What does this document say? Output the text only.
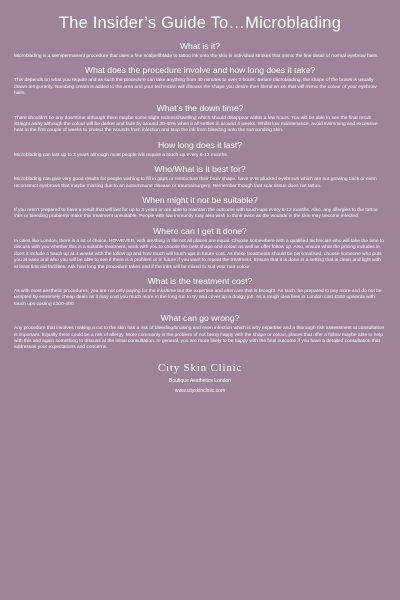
The Insider’s Guide To…Microblading
What is it?

Microblading is a semipermanent procedure that uses a fine scalpel/blade to tattoo ink onto the skin in individual strokes that mimic the fine detail of normal eyebrow hairs.

What does the procedure involve and how long does it take?

This depends on what you require and as such the procedure can take anything from 40 minutes to over 2 hours. Before microblading, the shape of the brows is usually drawn temporarily. Numbing cream is added to the area and your technician will discuss the shape you desire then blend an ink that will mimic the colour of your eyebrow hairs.

What’s the down time?

There shouldn’t be any downtime although there maybe some slight redness/swelling which should disappear within a few hours. You will be able to see the final result straight away although the colour will be darker and fade by around 30-40% when it all settles in around 4 weeks. Whilst low maintenance, avoid swimming and excessive heat in the first couple of weeks to protect the wounds from infection and stop the ink from bleeding onto the surrounding skin.

How long does it last?

Microblading can last up to 3 years although most people will require a touch-up every 6-12 months.

Who/What is it best for?

Microblading can give very good results for people wishing to fill in gaps or restructure their brow shape, have over plucked eyebrows which are not growing back or even reconstruct eyebrows that maybe missing due to an autoimmune disease or trauma/surgery. Remember though that scar tissue does not tattoo.

When might it not be suitable?

If you aren’t prepared to have a result that will last for up to 3 years or are able to maintain the outcome with touch-ups every 6-12 months. Also, any allergies to the tattoo inks or bleeding problems make this treatment unsuitable. People with low immunity may also wish to think twice as the wounds in the skin may become infected.

Where can I get it done?

In cities like London, there is a lot of choice. HOWEVER, with anything in life not all places are equal. Choose somewhere with a qualified technician who will take the time to discuss with you whether this is a suitable treatment, work with you to choose the best shape and colour as well as offer follow up. Also, ensure what the pricing includes ie does it include a touch up at 4 weeks with the follow up and how much will touch-ups in future cost. As these treatments should be personalised, choose someone who puts you at ease and who you will be able to see if there is a problem or in future if you want to repeat the treatment. Ensure that it is done in a setting that is clean and light with at least first aid facilities. Ask how long the procedure takes and if the inks will be mixed to suit your hair colour.

What is the treatment cost?

As with most aesthetic procedures, you are not only paying for the inks/time but the expertise and aftercare that is brought. As such, be prepared to pay more and do not be tempted by extremely cheap deals as it may cost you much more in the long run to try and cover up a dodgy job. As a rough idea fees in London cost £500 upwards with touch ups costing £300-400.

What can go wrong?

Any procedure that involves making a cut to the skin has a risk of bleeding/bruising and even infection which is why expertise and a thorough risk assessment at consultation is important. Equally there could be a risk of allergy. More commonly is the problem of not being happy with the shape or colour, places that offer a follow maybe able to help with this and again something to discuss at the initial consultation. In general, you are more likely to be happy with the final outcome if you have a detailed consultation that addresses your expectations and concerns.

City Skin Clinic
Boutique Aesthetics London
www.cityskinclinic.com
